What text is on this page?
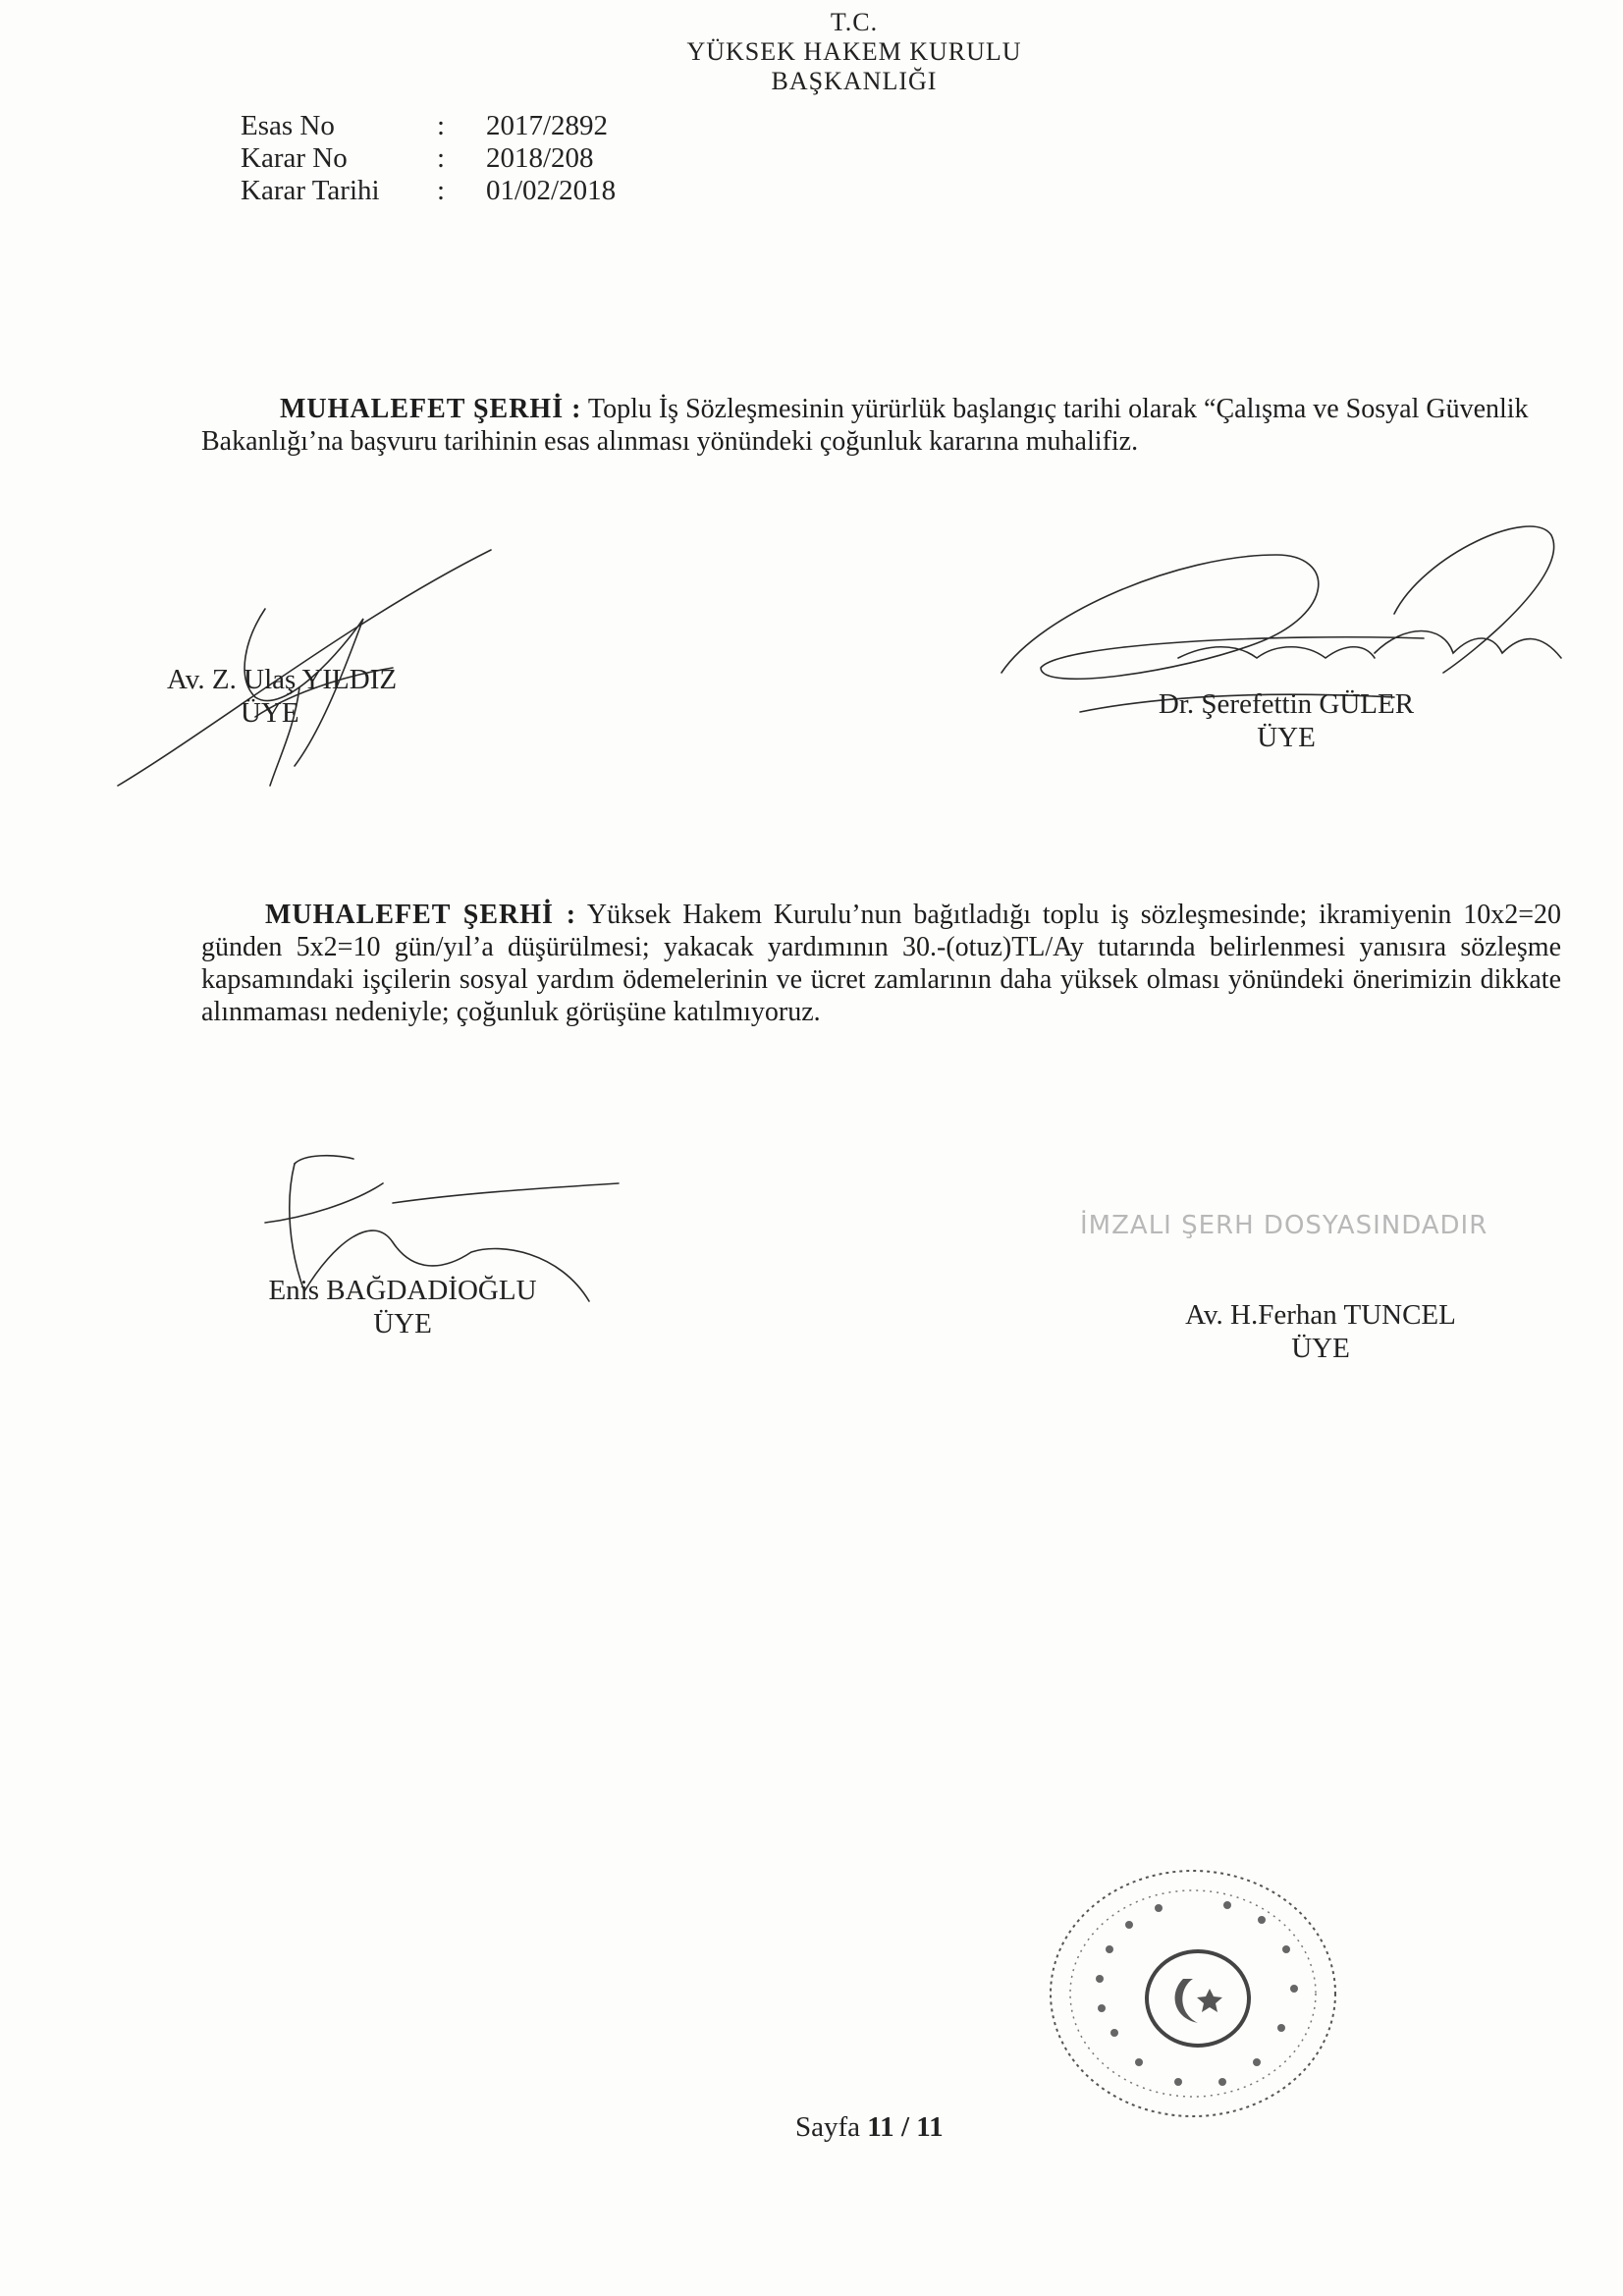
T.C.
YÜKSEK HAKEM KURULU
BAŞKANLIĞI
Esas No	: 2017/2892
Karar No	: 2018/208
Karar Tarihi : 01/02/2018
MUHALEFET ŞERHİ : Toplu İş Sözleşmesinin yürürlük başlangıç tarihi olarak “Çalışma ve Sosyal Güvenlik Bakanlığı’na başvuru tarihinin esas alınması yönündeki çoğunluk kararına muhalifiz.
Av. Z. Ulaş YILDIZ
ÜYE	Dr. Şerefettin GÜLER
ÜYE
MUHALEFET ŞERHİ : Yüksek Hakem Kurulu’nun bağıtladığı toplu iş sözleşmesinde; ikramiyenin 10x2=20 günden 5x2=10 gün/yıl’a düşürülmesi; yakacak yardımının 30.-(otuz)TL/Ay tutarında belirlenmesi yanısıra sözleşme kapsamındaki işçilerin sosyal yardım ödemelerinin ve ücret zamlarının daha yüksek olması yönündeki önerimizin dikkate alınmaması nedeniyle; çoğunluk görüşüne katılmıyoruz.
Enis BAĞDADİOĞLU
ÜYE
İMZALI ŞERH DOSYASINDADIR
Av. H.Ferhan TUNCEL
ÜYE
Sayfa 11 / 11
